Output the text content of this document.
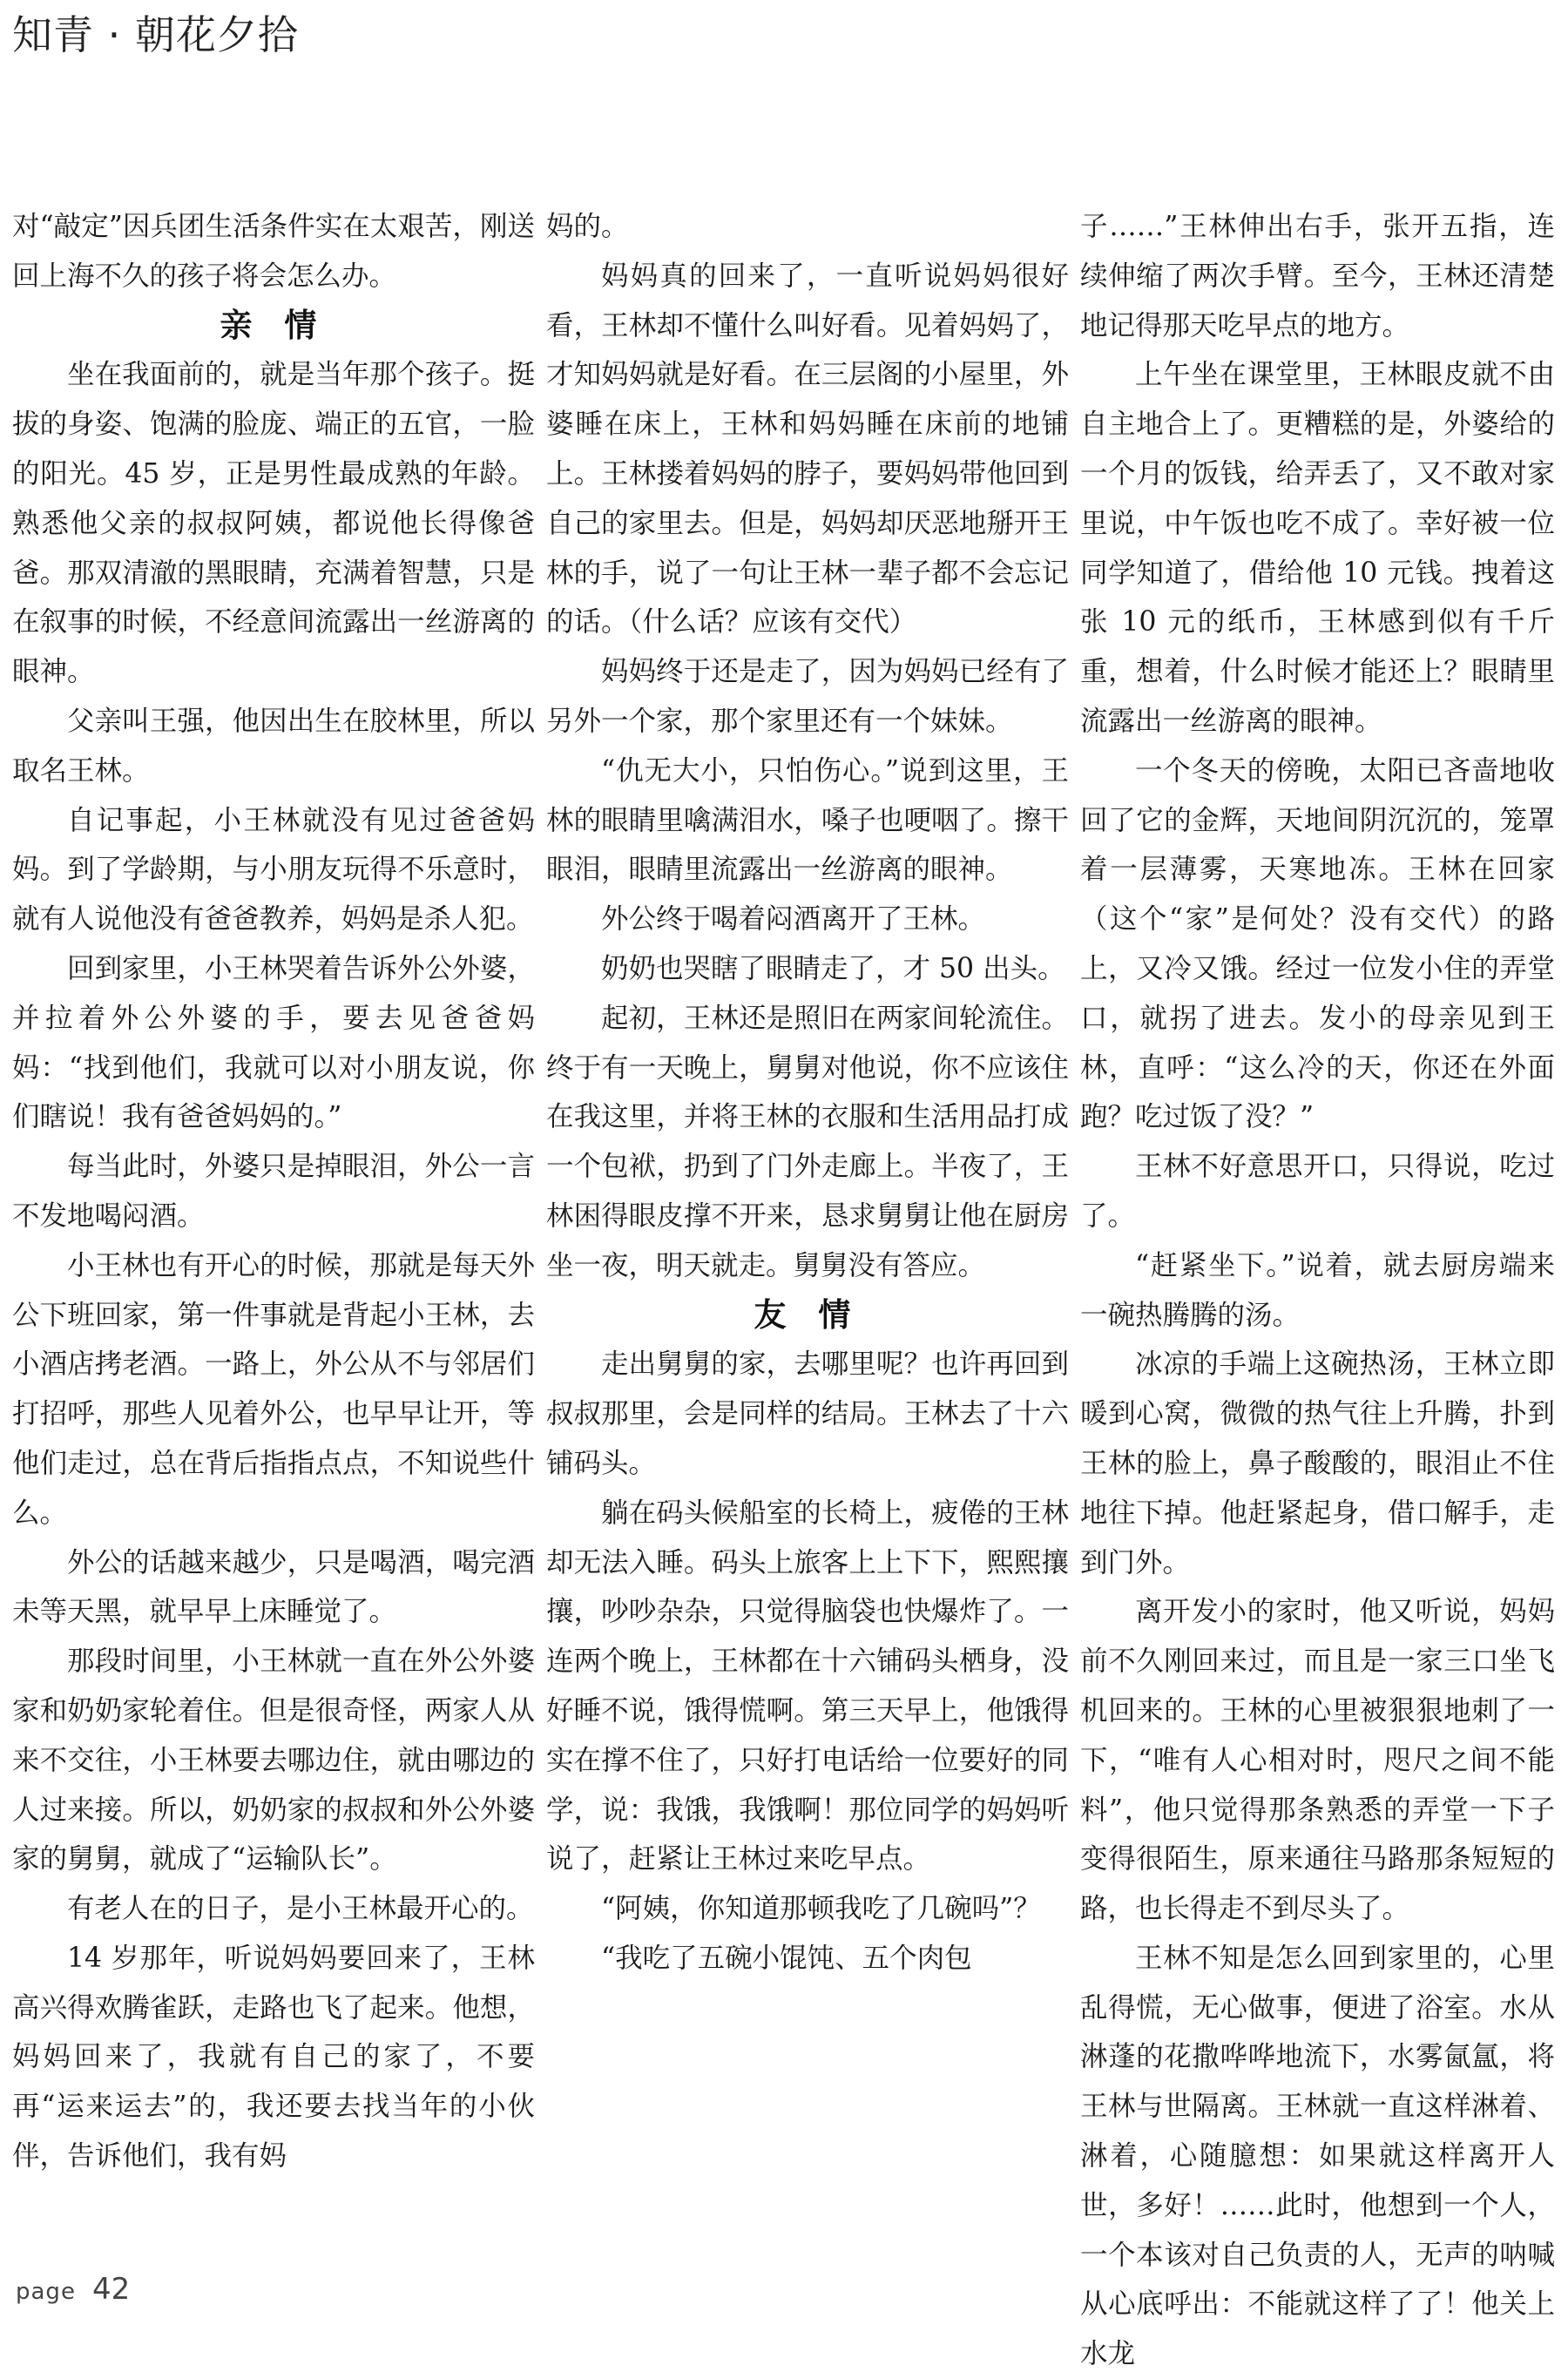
知青 · 朝花夕拾

对“敲定”因兵团生活条件实在太艰苦，刚送回上海不久的孩子将会怎么办。

亲 情

坐在我面前的，就是当年那个孩子。挺拔的身姿、饱满的脸庞、端正的五官，一脸的阳光。45 岁，正是男性最成熟的年龄。熟悉他父亲的叔叔阿姨，都说他长得像爸爸。那双清澈的黑眼睛，充满着智慧，只是在叙事的时候，不经意间流露出一丝游离的眼神。

父亲叫王强，他因出生在胶林里，所以取名王林。

自记事起，小王林就没有见过爸爸妈妈。到了学龄期，与小朋友玩得不乐意时，就有人说他没有爸爸教养，妈妈是杀人犯。

回到家里，小王林哭着告诉外公外婆，并拉着外公外婆的手，要去见爸爸妈妈：“找到他们，我就可以对小朋友说，你们瞎说！我有爸爸妈妈的。”

每当此时，外婆只是掉眼泪，外公一言不发地喝闷酒。

小王林也有开心的时候，那就是每天外公下班回家，第一件事就是背起小王林，去小酒店拷老酒。一路上，外公从不与邻居们打招呼，那些人见着外公，也早早让开，等他们走过，总在背后指指点点，不知说些什么。

外公的话越来越少，只是喝酒，喝完酒未等天黑，就早早上床睡觉了。

那段时间里，小王林就一直在外公外婆家和奶奶家轮着住。但是很奇怪，两家人从来不交往，小王林要去哪边住，就由哪边的人过来接。所以，奶奶家的叔叔和外公外婆家的舅舅，就成了“运输队长”。

有老人在的日子，是小王林最开心的。

14 岁那年，听说妈妈要回来了，王林高兴得欢腾雀跃，走路也飞了起来。他想，妈妈回来了，我就有自己的家了，不要再“运来运去”的，我还要去找当年的小伙伴，告诉他们，我有妈

妈的。

妈妈真的回来了，一直听说妈妈很好看，王林却不懂什么叫好看。见着妈妈了，才知妈妈就是好看。在三层阁的小屋里，外婆睡在床上，王林和妈妈睡在床前的地铺上。王林搂着妈妈的脖子，要妈妈带他回到自己的家里去。但是，妈妈却厌恶地掰开王林的手，说了一句让王林一辈子都不会忘记的话。（什么话？应该有交代）

妈妈终于还是走了，因为妈妈已经有了另外一个家，那个家里还有一个妹妹。

“仇无大小，只怕伤心。”说到这里，王林的眼睛里噙满泪水，嗓子也哽咽了。擦干眼泪，眼睛里流露出一丝游离的眼神。

外公终于喝着闷酒离开了王林。

奶奶也哭瞎了眼睛走了，才 50 出头。

起初，王林还是照旧在两家间轮流住。终于有一天晚上，舅舅对他说，你不应该住在我这里，并将王林的衣服和生活用品打成一个包袱，扔到了门外走廊上。半夜了，王林困得眼皮撑不开来，恳求舅舅让他在厨房坐一夜，明天就走。舅舅没有答应。

友 情

走出舅舅的家，去哪里呢？也许再回到叔叔那里，会是同样的结局。王林去了十六铺码头。

躺在码头候船室的长椅上，疲倦的王林却无法入睡。码头上旅客上上下下，熙熙攘攘，吵吵杂杂，只觉得脑袋也快爆炸了。一连两个晚上，王林都在十六铺码头栖身，没好睡不说，饿得慌啊。第三天早上，他饿得实在撑不住了，只好打电话给一位要好的同学，说：我饿，我饿啊！那位同学的妈妈听说了，赶紧让王林过来吃早点。

“阿姨，你知道那顿我吃了几碗吗”？

“我吃了五碗小馄饨、五个肉包

子……”王林伸出右手，张开五指，连续伸缩了两次手臂。至今，王林还清楚地记得那天吃早点的地方。

上午坐在课堂里，王林眼皮就不由自主地合上了。更糟糕的是，外婆给的一个月的饭钱，给弄丢了，又不敢对家里说，中午饭也吃不成了。幸好被一位同学知道了，借给他 10 元钱。拽着这张 10 元的纸币，王林感到似有千斤重，想着，什么时候才能还上？眼睛里流露出一丝游离的眼神。

一个冬天的傍晚，太阳已吝啬地收回了它的金辉，天地间阴沉沉的，笼罩着一层薄雾，天寒地冻。王林在回家（这个“家”是何处？没有交代）的路上，又冷又饿。经过一位发小住的弄堂口，就拐了进去。发小的母亲见到王林，直呼：“这么冷的天，你还在外面跑？吃过饭了没？”

王林不好意思开口，只得说，吃过了。

“赶紧坐下。”说着，就去厨房端来一碗热腾腾的汤。

冰凉的手端上这碗热汤，王林立即暖到心窝，微微的热气往上升腾，扑到王林的脸上，鼻子酸酸的，眼泪止不住地往下掉。他赶紧起身，借口解手，走到门外。

离开发小的家时，他又听说，妈妈前不久刚回来过，而且是一家三口坐飞机回来的。王林的心里被狠狠地刺了一下，“唯有人心相对时，咫尺之间不能料”，他只觉得那条熟悉的弄堂一下子变得很陌生，原来通往马路那条短短的路，也长得走不到尽头了。

王林不知是怎么回到家里的，心里乱得慌，无心做事，便进了浴室。水从淋蓬的花撒哗哗地流下，水雾氤氲，将王林与世隔离。王林就一直这样淋着、淋着，心随臆想：如果就这样离开人世，多好！……此时，他想到一个人，一个本该对自己负责的人，无声的呐喊从心底呼出：不能就这样了了！他关上水龙

page 42
